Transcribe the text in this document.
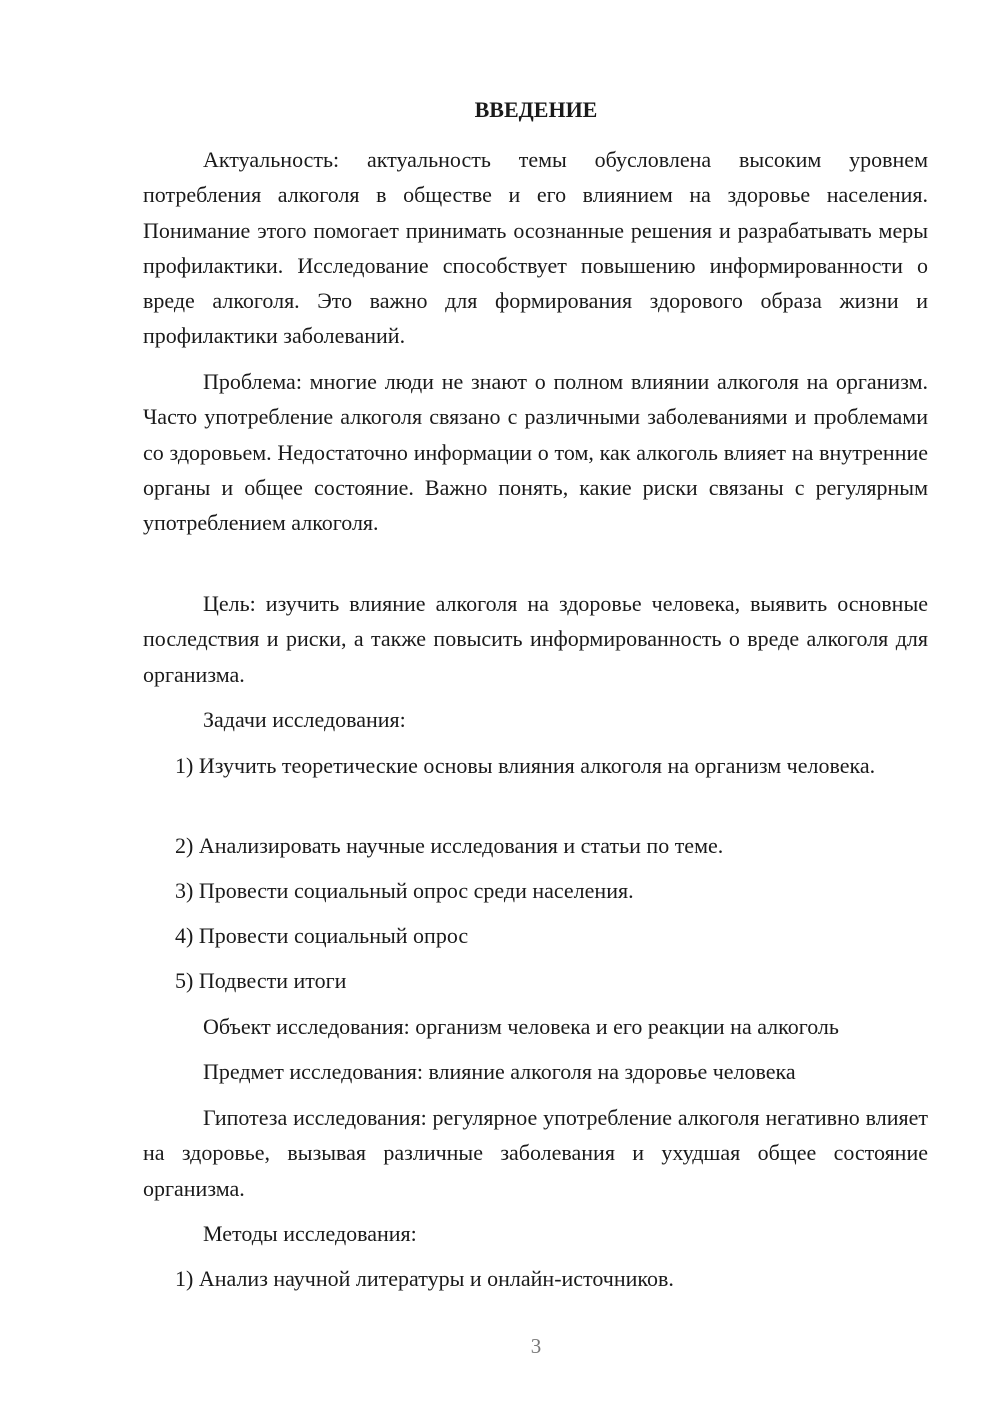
ВВЕДЕНИЕ

Актуальность: актуальность темы обусловлена высоким уровнем потребления алкоголя в обществе и его влиянием на здоровье населения. Понимание этого помогает принимать осознанные решения и разрабатывать меры профилактики. Исследование способствует повышению информированности о вреде алкоголя. Это важно для формирования здорового образа жизни и профилактики заболеваний.

Проблема: многие люди не знают о полном влиянии алкоголя на организм. Часто употребление алкоголя связано с различными заболеваниями и проблемами со здоровьем. Недостаточно информации о том, как алкоголь влияет на внутренние органы и общее состояние. Важно понять, какие риски связаны с регулярным употреблением алкоголя.

Цель: изучить влияние алкоголя на здоровье человека, выявить основные последствия и риски, а также повысить информированность о вреде алкоголя для организма.

Задачи исследования:

1) Изучить теоретические основы влияния алкоголя на организм человека.

2) Анализировать научные исследования и статьи по теме.

3) Провести социальный опрос среди населения.

4) Провести социальный опрос

5) Подвести итоги

Объект исследования: организм человека и его реакции на алкоголь

Предмет исследования: влияние алкоголя на здоровье человека

Гипотеза исследования: регулярное употребление алкоголя негативно влияет на здоровье, вызывая различные заболевания и ухудшая общее состояние организма.

Методы исследования:

1) Анализ научной литературы и онлайн-источников.

3
